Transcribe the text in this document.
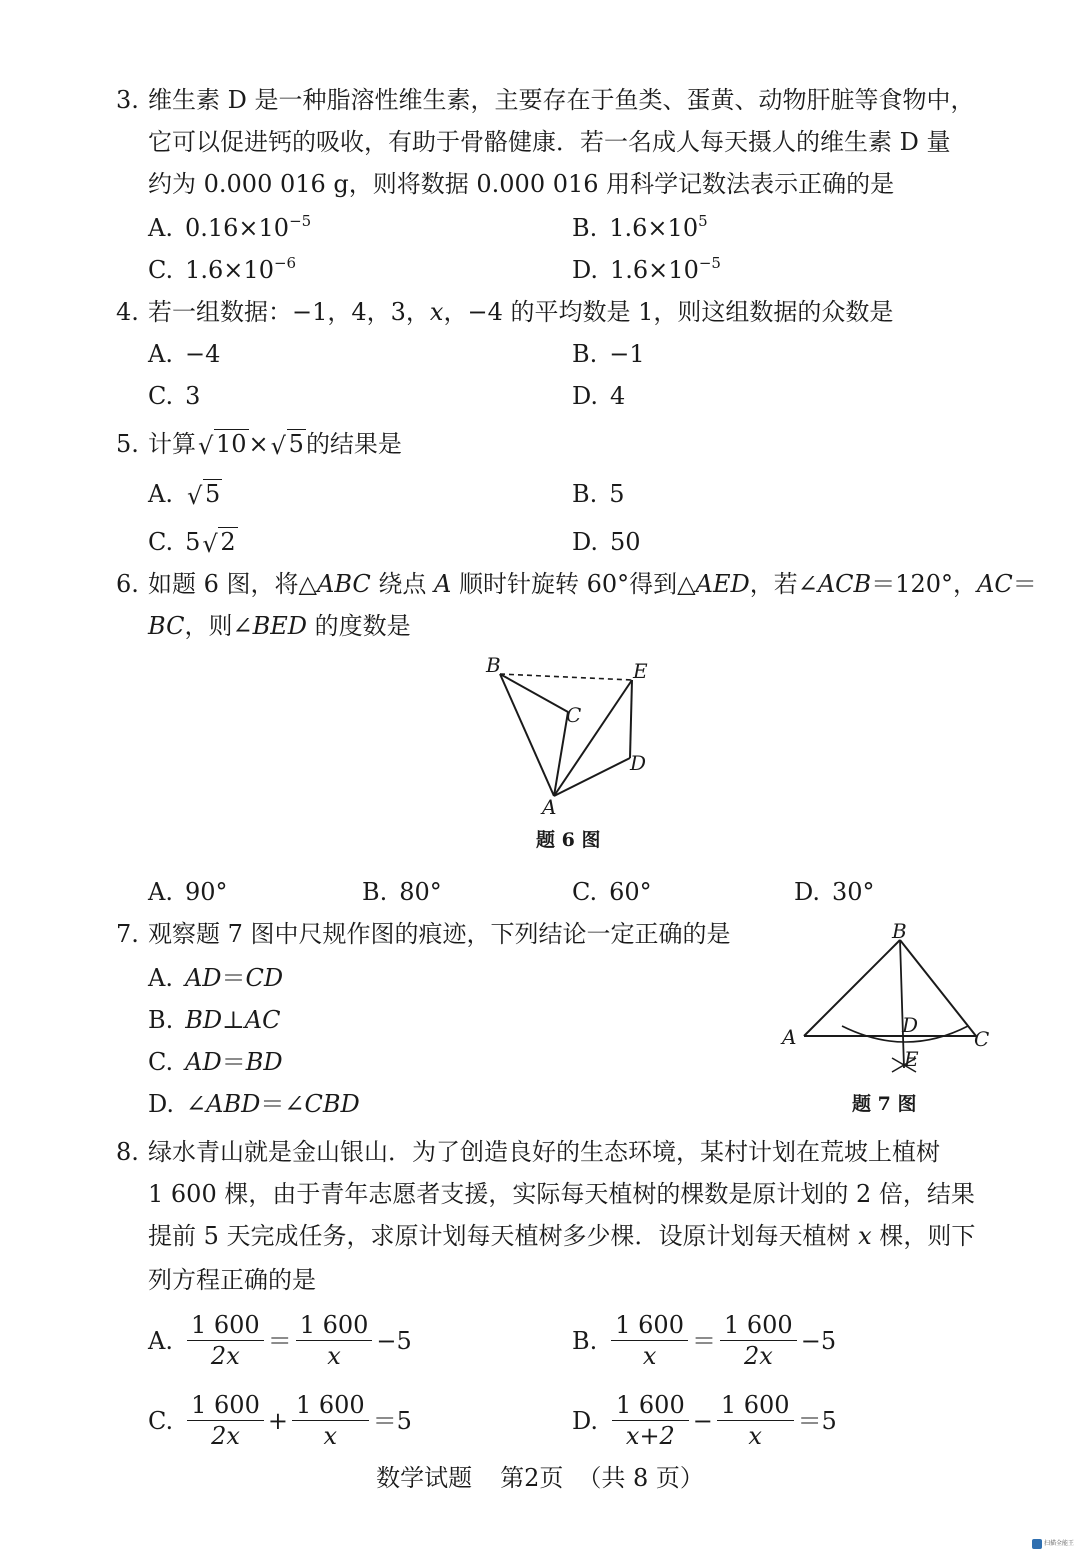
3. 维生素 D 是一种脂溶性维生素，主要存在于鱼类、蛋黄、动物肝脏等食物中，
它可以促进钙的吸收，有助于骨骼健康．若一名成人每天摄人的维生素 D 量
约为 0.000 016 g，则将数据 0.000 016 用科学记数法表示正确的是
A. $0.16\times 10^{-5}$	B. $1.6\times 10^5$
C. $1.6\times 10^{-6}$	D. $1.6\times 10^{-5}$
4. 若一组数据：−1，4，3，x，−4 的平均数是 1，则这组数据的众数是
A. −4	B. −1
C. 3	D. 4
5. 计算 √ 10× √ 5的结果是
A. √ 5	B. 5
C. 5 √ 2	D. 50
6. 如题 6 图，将△ABC 绕点 A 顺时针旋转 60°得到△AED，若∠ACB＝120°，AC＝
BC，则∠BED 的度数是
B
C
E
D
A
题 6 图
A. 90°	B. 80°	C. 60°	D. 30°
7. 观察题 7 图中尺规作图的痕迹，下列结论一定正确的是
A. AD＝CD
B. BD⊥AC
C. AD＝BD
D. ∠ABD＝∠CBD
B
A	C
D
E
题 7 图
8. 绿水青山就是金山银山．为了创造良好的生态环境，某村计划在荒坡上植树
1 600 棵，由于青年志愿者支援，实际每天植树的棵数是原计划的 2 倍，结果
提前 5 天完成任务，求原计划每天植树多少棵．设原计划每天植树 x 棵，则下
列方程正确的是
A. $\frac{1 600}{2x} = \frac{1 600}{x} -5$	B. $\frac{1 600}{x} = \frac{1 600}{2x} -5$
C. $\frac{1 600}{2x} + \frac{1 600}{x} =5$	D. $\frac{1 600}{x+2} - \frac{1 600}{x} =5$
数学试题 第2页 （共 8 页）
扫描全能王
